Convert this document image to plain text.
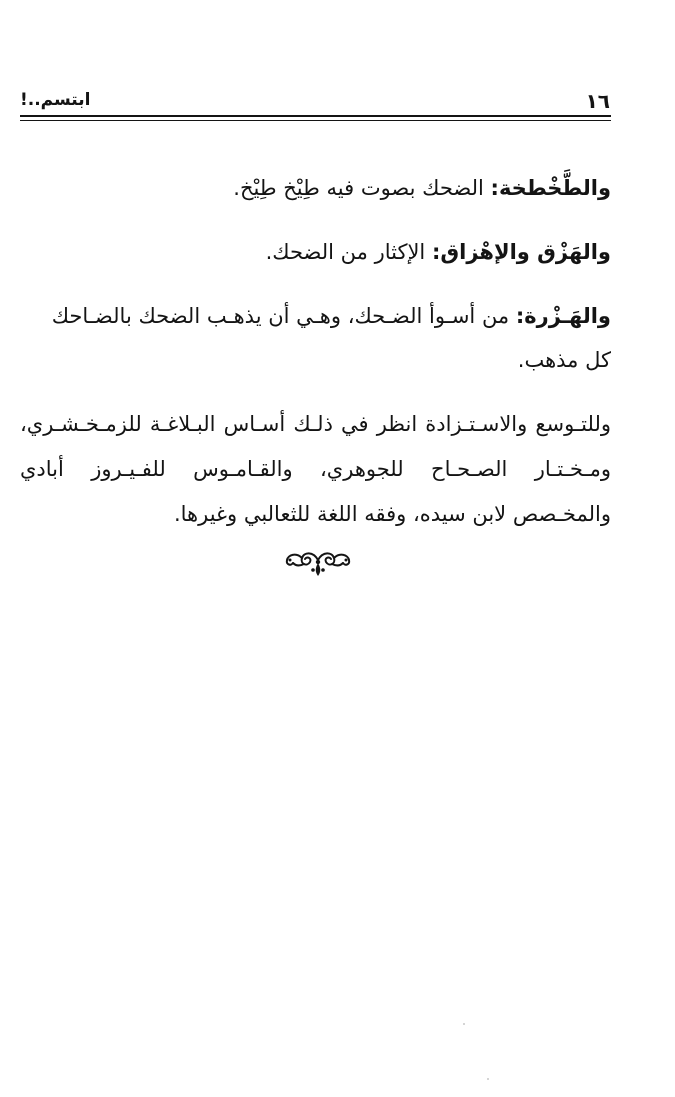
١٦
ابتسم..!

والطَّخْطخة: الضحك بصوت فيه طِيْخ طِيْخ.

والهَزْق والإهْزاق: الإكثار من الضحك.

والهَـزْرة: من أسـوأ الضـحك، وهـي أن يذهـب الضحك بالضـاحك كل مذهب.

وللتـوسع والاسـتـزادة انظر في ذلـك أسـاس البـلاغـة للزمـخـشـري، ومـخـتـار الصـحـاح للجوهري، والقـامـوس للفـيـروز أبادي والمخـصص لابن سيده، وفقه اللغة للثعالبي وغيرها.
